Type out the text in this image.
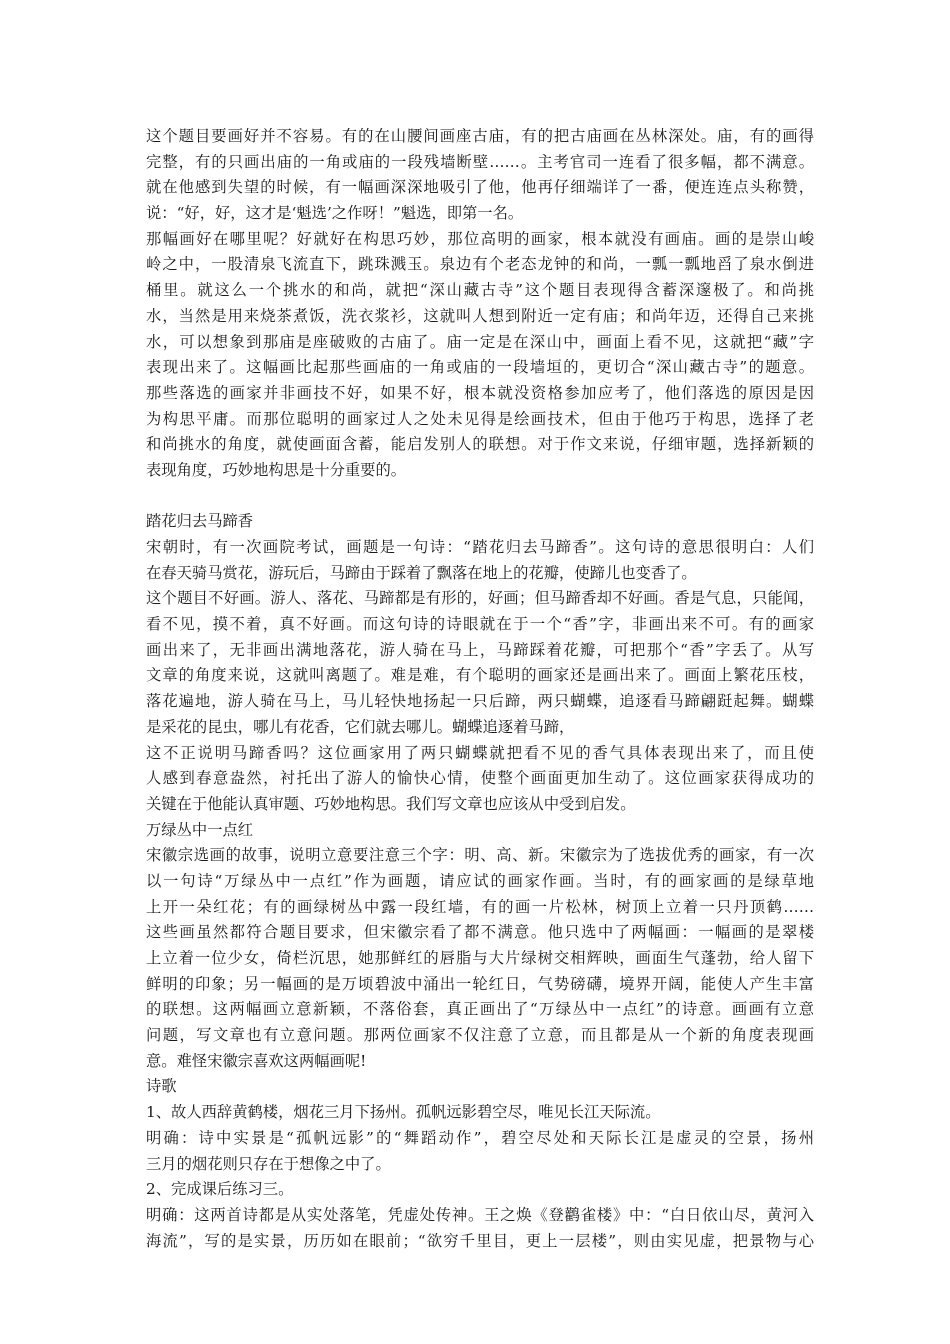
这个题目要画好并不容易。有的在山腰间画座古庙，有的把古庙画在丛林深处。庙，有的画得
完整，有的只画出庙的一角或庙的一段残墙断壁……。主考官司一连看了很多幅，都不满意。
就在他感到失望的时候，有一幅画深深地吸引了他，他再仔细端详了一番，便连连点头称赞，
说：“好，好，这才是‘魁选’之作呀！”魁选，即第一名。
那幅画好在哪里呢？好就好在构思巧妙，那位高明的画家，根本就没有画庙。画的是崇山峻
岭之中，一股清泉飞流直下，跳珠溅玉。泉边有个老态龙钟的和尚，一瓢一瓢地舀了泉水倒进
桶里。就这么一个挑水的和尚，就把“深山藏古寺”这个题目表现得含蓄深邃极了。和尚挑
水，当然是用来烧茶煮饭，洗衣浆衫，这就叫人想到附近一定有庙；和尚年迈，还得自己来挑
水，可以想象到那庙是座破败的古庙了。庙一定是在深山中，画面上看不见，这就把“藏”字
表现出来了。这幅画比起那些画庙的一角或庙的一段墙垣的，更切合“深山藏古寺”的题意。
那些落选的画家并非画技不好，如果不好，根本就没资格参加应考了，他们落选的原因是因
为构思平庸。而那位聪明的画家过人之处未见得是绘画技术，但由于他巧于构思，选择了老
和尚挑水的角度，就使画面含蓄，能启发别人的联想。对于作文来说，仔细审题，选择新颖的
表现角度，巧妙地构思是十分重要的。
踏花归去马蹄香
宋朝时，有一次画院考试，画题是一句诗：“踏花归去马蹄香”。这句诗的意思很明白：人们
在春天骑马赏花，游玩后，马蹄由于踩着了飘落在地上的花瓣，使蹄儿也变香了。
这个题目不好画。游人、落花、马蹄都是有形的，好画；但马蹄香却不好画。香是气息，只能闻，
看不见，摸不着，真不好画。而这句诗的诗眼就在于一个“香”字，非画出来不可。有的画家
画出来了，无非画出满地落花，游人骑在马上，马蹄踩着花瓣，可把那个“香”字丢了。从写
文章的角度来说，这就叫离题了。难是难，有个聪明的画家还是画出来了。画面上繁花压枝，
落花遍地，游人骑在马上，马儿轻快地扬起一只后蹄，两只蝴蝶，追逐看马蹄翩跹起舞。蝴蝶
是采花的昆虫，哪儿有花香，它们就去哪儿。蝴蝶追逐着马蹄，
这不正说明马蹄香吗？这位画家用了两只蝴蝶就把看不见的香气具体表现出来了，而且使
人感到春意盎然，衬托出了游人的愉快心情，使整个画面更加生动了。这位画家获得成功的
关键在于他能认真审题、巧妙地构思。我们写文章也应该从中受到启发。
万绿丛中一点红
宋徽宗选画的故事，说明立意要注意三个字：明、高、新。宋徽宗为了选拔优秀的画家，有一次
以一句诗“万绿丛中一点红”作为画题，请应试的画家作画。当时，有的画家画的是绿草地
上开一朵红花；有的画绿树丛中露一段红墙，有的画一片松林，树顶上立着一只丹顶鹤……
这些画虽然都符合题目要求，但宋徽宗看了都不满意。他只选中了两幅画：一幅画的是翠楼
上立着一位少女，倚栏沉思，她那鲜红的唇脂与大片绿树交相辉映，画面生气蓬勃，给人留下
鲜明的印象；另一幅画的是万顷碧波中涌出一轮红日，气势磅礴，境界开阔，能使人产生丰富
的联想。这两幅画立意新颖，不落俗套，真正画出了“万绿丛中一点红”的诗意。画画有立意
问题，写文章也有立意问题。那两位画家不仅注意了立意，而且都是从一个新的角度表现画
意。难怪宋徽宗喜欢这两幅画呢!
诗歌
1、故人西辞黄鹤楼，烟花三月下扬州。孤帆远影碧空尽，唯见长江天际流。
明确：诗中实景是“孤帆远影”的“舞蹈动作”，碧空尽处和天际长江是虚灵的空景，扬州
三月的烟花则只存在于想像之中了。
2、完成课后练习三。
明确：这两首诗都是从实处落笔，凭虚处传神。王之焕《登鹳雀楼》中：“白日依山尽，黄河入
海流”，写的是实景，历历如在眼前；“欲穷千里目，更上一层楼”，则由实见虚，把景物与心
